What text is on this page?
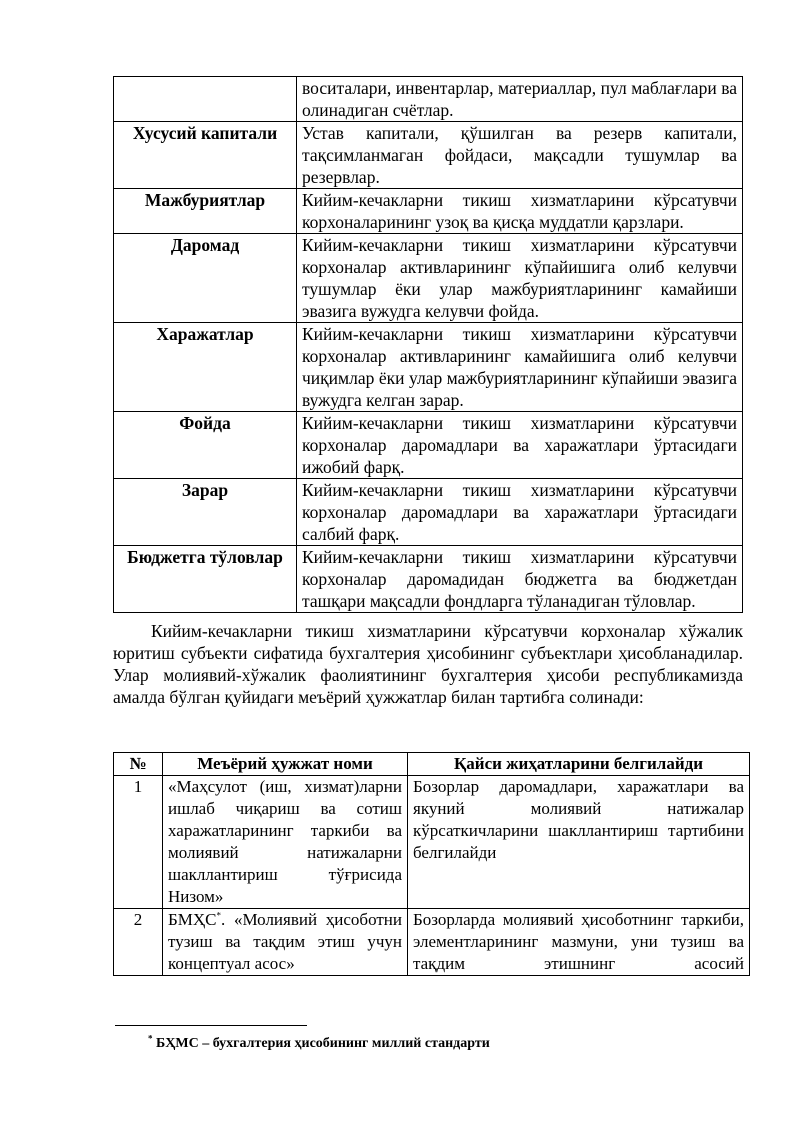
	воситалари, инвентарлар, материаллар, пул маблағлари ва олинадиган счётлар.
Хусусий капитали	Устав капитали, қўшилган ва резерв капитали, тақсимланмаган фойдаси, мақсадли тушумлар ва резервлар.
Мажбуриятлар	Кийим-кечакларни тикиш хизматларини кўрсатувчи корхоналарининг узоқ ва қисқа муддатли қарзлари.
Даромад	Кийим-кечакларни тикиш хизматларини кўрсатувчи корхоналар активларининг кўпайишига олиб келувчи тушумлар ёки улар мажбуриятларининг камайиши эвазига вужудга келувчи фойда.
Харажатлар	Кийим-кечакларни тикиш хизматларини кўрсатувчи корхоналар активларининг камайишига олиб келувчи чиқимлар ёки улар мажбуриятларининг кўпайиши эвазига вужудга келган зарар.
Фойда	Кийим-кечакларни тикиш хизматларини кўрсатувчи корхоналар даромадлари ва харажатлари ўртасидаги ижобий фарқ.
Зарар	Кийим-кечакларни тикиш хизматларини кўрсатувчи корхоналар даромадлари ва харажатлари ўртасидаги салбий фарқ.
Бюджетга тўловлар	Кийим-кечакларни тикиш хизматларини кўрсатувчи корхоналар даромадидан бюджетга ва бюджетдан ташқари мақсадли фондларга тўланадиган тўловлар.

Кийим-кечакларни тикиш хизматларини кўрсатувчи корхоналар хўжалик юритиш субъекти сифатида бухгалтерия ҳисобининг субъектлари ҳисобланадилар. Улар молиявий-хўжалик фаолиятининг бухгалтерия ҳисоби республикамизда амалда бўлган қуйидаги меъёрий ҳужжатлар билан тартибга солинади:

№	Меъёрий ҳужжат номи	Қайси жиҳатларини белгилайди
1	«Маҳсулот (иш, хизмат)ларни ишлаб чиқариш ва сотиш харажатларининг таркиби ва молиявий натижаларни шакллантириш тўғрисида Низом»	Бозорлар даромадлари, харажатлари ва якуний молиявий натижалар кўрсаткичларини шакллантириш тартибини белгилайди
2	БМҲС*. «Молиявий ҳисоботни тузиш ва тақдим этиш учун концептуал асос»	Бозорларда молиявий ҳисоботнинг таркиби, элементларининг мазмуни, уни тузиш ва тақдим этишнинг асосий
* БҲМС – бухгалтерия ҳисобининг миллий стандарти
